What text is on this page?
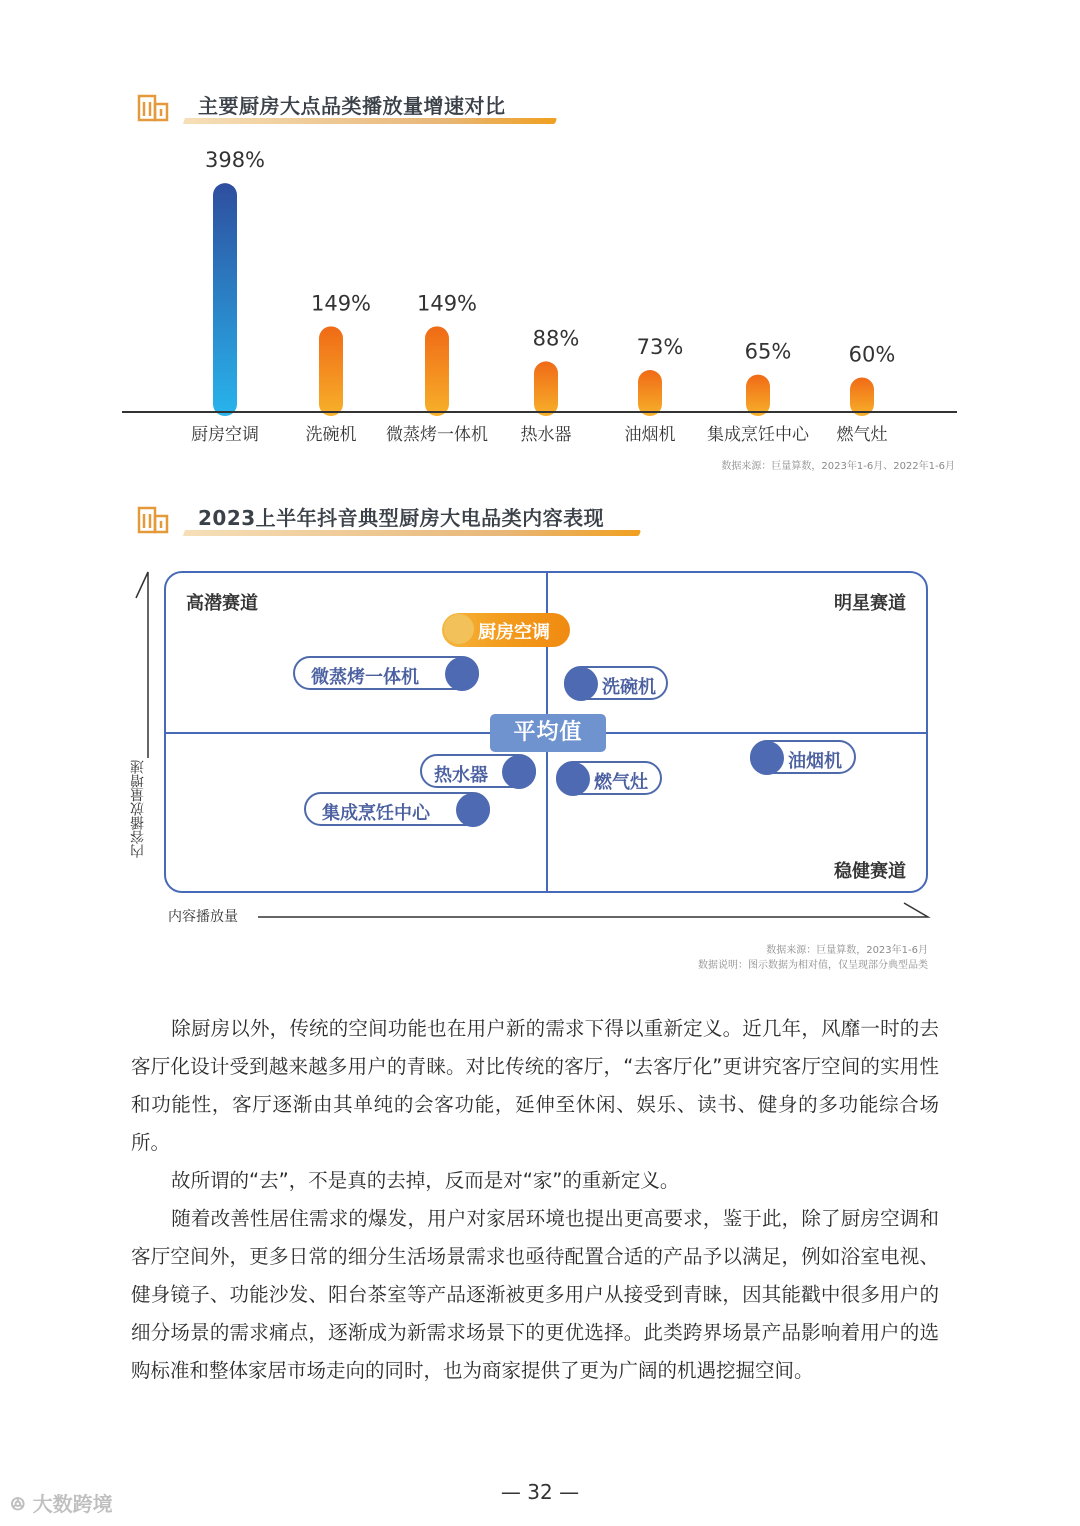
主要厨房大点品类播放量增速对比
398%
厨房空调
149%
洗碗机
149%
微蒸烤一体机
88%
热水器
73%
油烟机
65%
集成烹饪中心
60%
燃气灶
数据来源：巨量算数，2023年1-6月、2022年1-6月
2023上半年抖音典型厨房大电品类内容表现
内容播放量增速
内容播放量
高潜赛道	明星赛道
稳健赛道
平均值
厨房空调
微蒸烤一体机	洗碗机
热水器	燃气灶
油烟机
集成烹饪中心
数据来源：巨量算数，2023年1-6月
数据说明：图示数据为相对值，仅呈现部分典型品类
除厨房以外，传统的空间功能也在用户新的需求下得以重新定义。近几年，风靡一时的去客厅化设计受到越来越多用户的青睐。对比传统的客厅，“去客厅化”更讲究客厅空间的实用性和功能性，客厅逐渐由其单纯的会客功能，延伸至休闲、娱乐、读书、健身的多功能综合场所。
故所谓的“去”，不是真的去掉，反而是对“家”的重新定义。
随着改善性居住需求的爆发，用户对家居环境也提出更高要求，鉴于此，除了厨房空调和客厅空间外，更多日常的细分生活场景需求也亟待配置合适的产品予以满足，例如浴室电视、健身镜子、功能沙发、阳台茶室等产品逐渐被更多用户从接受到青睐，因其能戳中很多用户的细分场景的需求痛点，逐渐成为新需求场景下的更优选择。此类跨界场景产品影响着用户的选购标准和整体家居市场走向的同时，也为商家提供了更为广阔的机遇挖掘空间。
— 32 —
ꔮ 大数跨境
